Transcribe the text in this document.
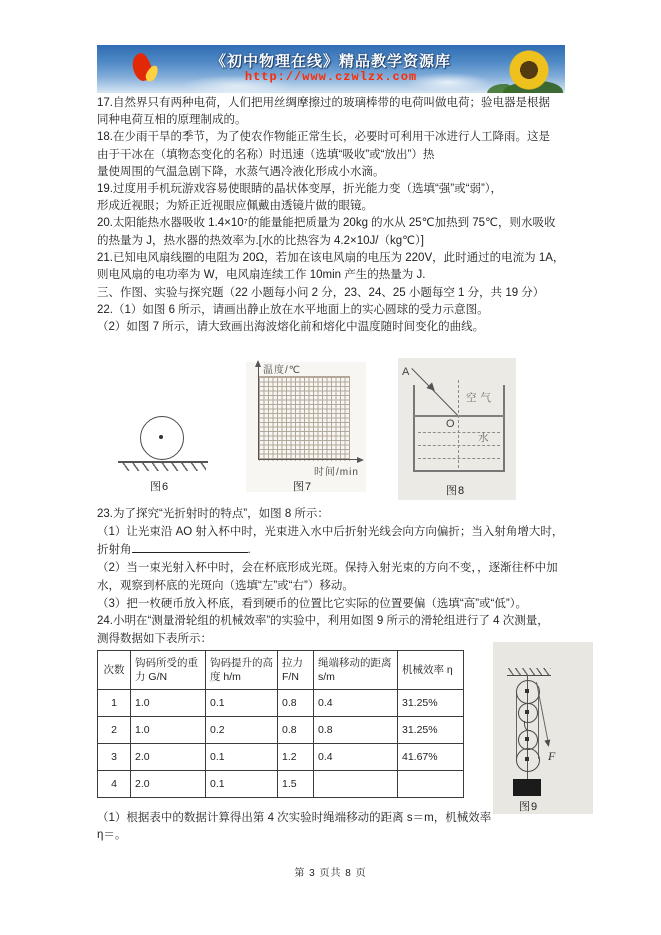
《初中物理在线》精品教学资源库
http://www.czwlzx.com
17.自然界只有两种电荷，人们把用丝绸摩擦过的玻璃棒带的电荷叫做电荷；验电器是根据
同种电荷互相的原理制成的。
18.在少雨干旱的季节，为了使农作物能正常生长，必要时可利用干冰进行人工降雨。这是
由于干冰在（填物态变化的名称）时迅速（选填“吸收”或“放出”）热
量使周围的气温急剧下降，水蒸气遇冷液化形成小水滴。
19.过度用手机玩游戏容易使眼睛的晶状体变厚，折光能力变（选填“强”或“弱”），
形成近视眼；为矫正近视眼应佩戴由透镜片做的眼镜。
20.太阳能热水器吸收 1.4×10⁷的能量能把质量为 20kg 的水从 25℃加热到 75℃，则水吸收
的热量为 J，热水器的热效率为.[水的比热容为 4.2×10J/（kg℃）]
21.已知电风扇线圈的电阻为 20Ω，若加在该电风扇的电压为 220V，此时通过的电流为 1A，
则电风扇的电功率为 W，电风扇连续工作 10min 产生的热量为 J.
三、作图、实验与探究题（22 小题每小问 2 分，23、24、25 小题每空 1 分，共 19 分）
22.（1）如图 6 所示，请画出静止放在水平地面上的实心圆球的受力示意图。
（2）如图 7 所示，请大致画出海波熔化前和熔化中温度随时间变化的曲线。
图6
温度/℃
时间/min
图7
A
空气
O
水
图8
23.为了探究“光折射时的特点”，如图 8 所示：
（1）让光束沿 AO 射入杯中时，光束进入水中后折射光线会向方向偏折；当入射角增大时，
折射角	.
（2）当一束光射入杯中时，会在杯底形成光斑。保持入射光束的方向不变，，逐渐往杯中加
水，观察到杯底的光斑向（选填“左”或“右”）移动。
（3）把一枚硬币放入杯底，看到硬币的位置比它实际的位置要偏（选填“高”或“低”）。
24.小明在“测量滑轮组的机械效率”的实验中，利用如图 9 所示的滑轮组进行了 4 次测量，
测得数据如下表所示：
次数	钩码所受的重力 G/N	钩码提升的高度 h/m	拉力 F/N	绳端移动的距离 s/m	机械效率 η
1	1.0	0.1	0.8	0.4	31.25%
2	1.0	0.2	0.8	0.8	31.25%
3	2.0	0.1	1.2	0.4	41.67%
4	2.0	0.1	1.5		
F
图9
（1）根据表中的数据计算得出第 4 次实验时绳端移动的距离 s＝m，机械效率
η＝。
第 3 页共 8 页
